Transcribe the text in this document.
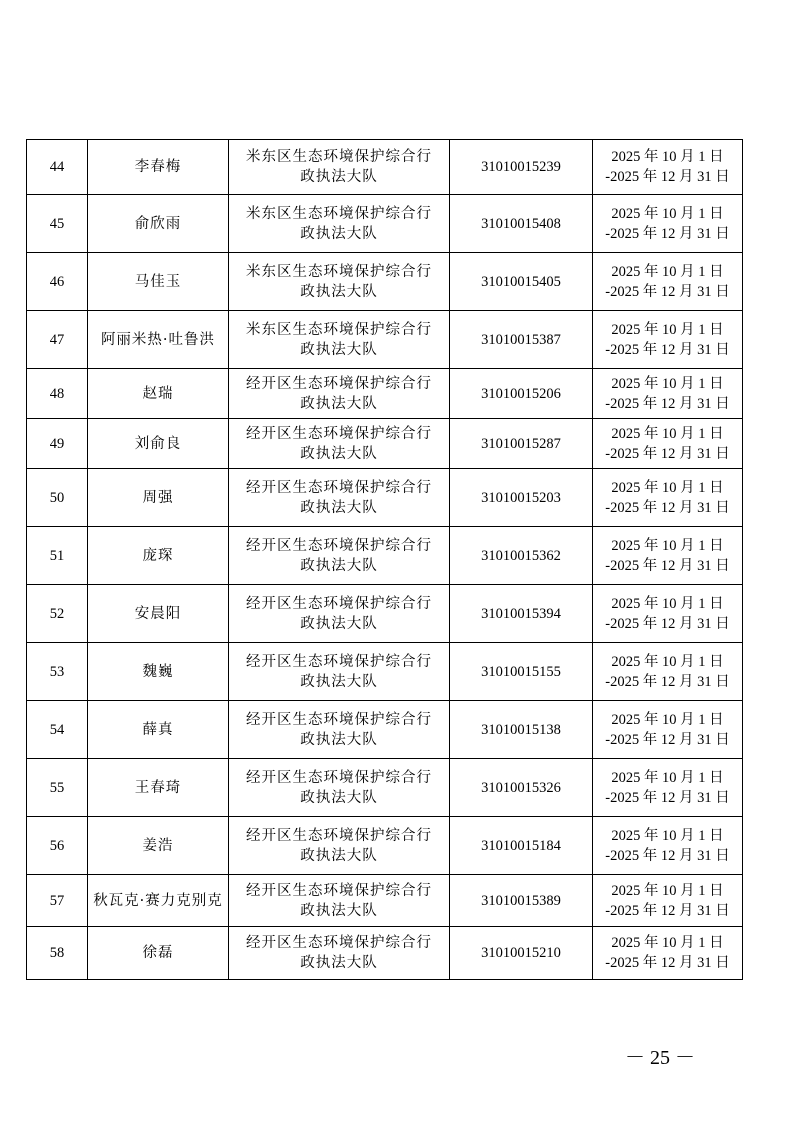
44	李春梅	米东区生态环境保护综合行
政执法大队	31010015239	2025 年 10 月 1 日
-2025 年 12 月 31 日

45	俞欣雨	米东区生态环境保护综合行
政执法大队	31010015408	2025 年 10 月 1 日
-2025 年 12 月 31 日

46	马佳玉	米东区生态环境保护综合行
政执法大队	31010015405	2025 年 10 月 1 日
-2025 年 12 月 31 日

47	阿丽米热·吐鲁洪	米东区生态环境保护综合行
政执法大队	31010015387	2025 年 10 月 1 日
-2025 年 12 月 31 日

48	赵瑞	经开区生态环境保护综合行
政执法大队	31010015206	2025 年 10 月 1 日
-2025 年 12 月 31 日

49	刘俞良	经开区生态环境保护综合行
政执法大队	31010015287	2025 年 10 月 1 日
-2025 年 12 月 31 日

50	周强	经开区生态环境保护综合行
政执法大队	31010015203	2025 年 10 月 1 日
-2025 年 12 月 31 日

51	庞琛	经开区生态环境保护综合行
政执法大队	31010015362	2025 年 10 月 1 日
-2025 年 12 月 31 日

52	安晨阳	经开区生态环境保护综合行
政执法大队	31010015394	2025 年 10 月 1 日
-2025 年 12 月 31 日

53	魏巍	经开区生态环境保护综合行
政执法大队	31010015155	2025 年 10 月 1 日
-2025 年 12 月 31 日

54	薛真	经开区生态环境保护综合行
政执法大队	31010015138	2025 年 10 月 1 日
-2025 年 12 月 31 日

55	王春琦	经开区生态环境保护综合行
政执法大队	31010015326	2025 年 10 月 1 日
-2025 年 12 月 31 日

56	姜浩	经开区生态环境保护综合行
政执法大队	31010015184	2025 年 10 月 1 日
-2025 年 12 月 31 日

57	秋瓦克·赛力克别克	经开区生态环境保护综合行
政执法大队	31010015389	2025 年 10 月 1 日
-2025 年 12 月 31 日

58	徐磊	经开区生态环境保护综合行
政执法大队	31010015210	2025 年 10 月 1 日
-2025 年 12 月 31 日
－ 25 －
